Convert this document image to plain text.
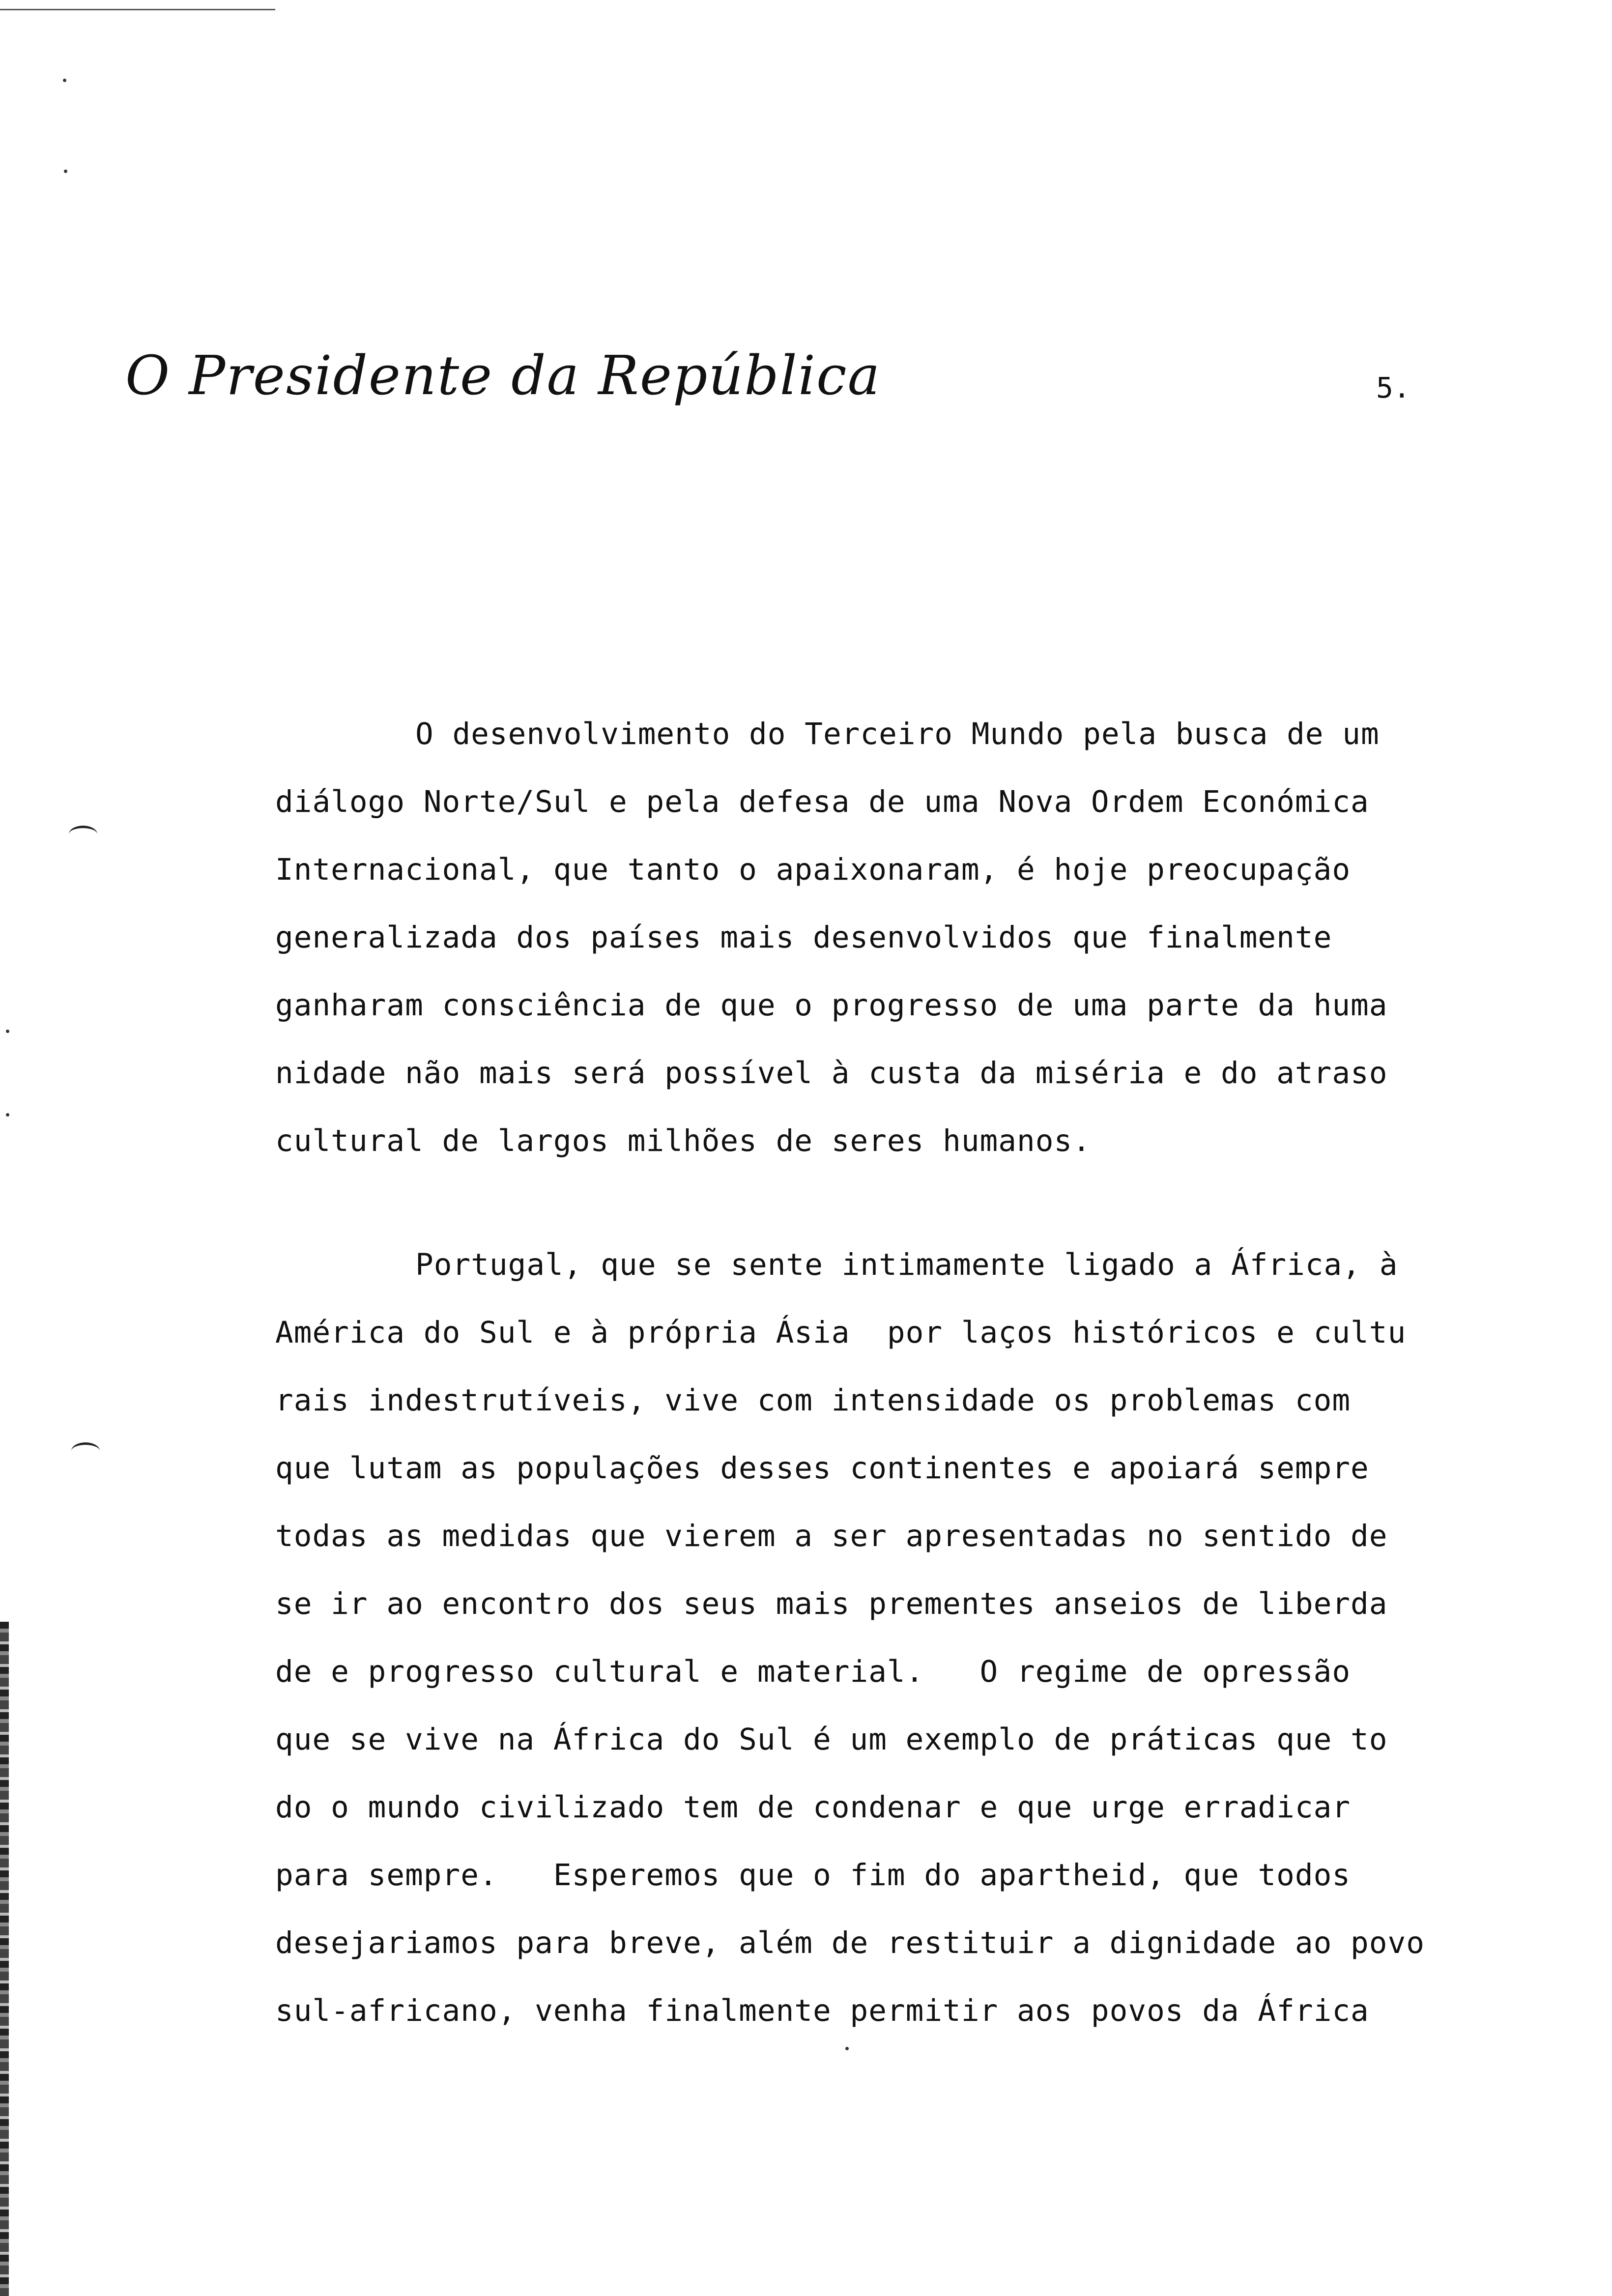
O Presidente da República	5.
O desenvolvimento do Terceiro Mundo pela busca de um
diálogo Norte/Sul e pela defesa de uma Nova Ordem Económica
Internacional, que tanto o apaixonaram, é hoje preocupação
generalizada dos países mais desenvolvidos que finalmente
ganharam consciência de que o progresso de uma parte da huma
nidade não mais será possível à custa da miséria e do atraso
cultural de largos milhões de seres humanos.
Portugal, que se sente intimamente ligado a África, à
América do Sul e à própria Ásia  por laços históricos e cultu
rais indestrutíveis, vive com intensidade os problemas com
que lutam as populações desses continentes e apoiará sempre
todas as medidas que vierem a ser apresentadas no sentido de
se ir ao encontro dos seus mais prementes anseios de liberda
de e progresso cultural e material.   O regime de opressão
que se vive na África do Sul é um exemplo de práticas que to
do o mundo civilizado tem de condenar e que urge erradicar
para sempre.   Esperemos que o fim do apartheid, que todos
desejariamos para breve, além de restituir a dignidade ao povo
sul-africano, venha finalmente permitir aos povos da África
